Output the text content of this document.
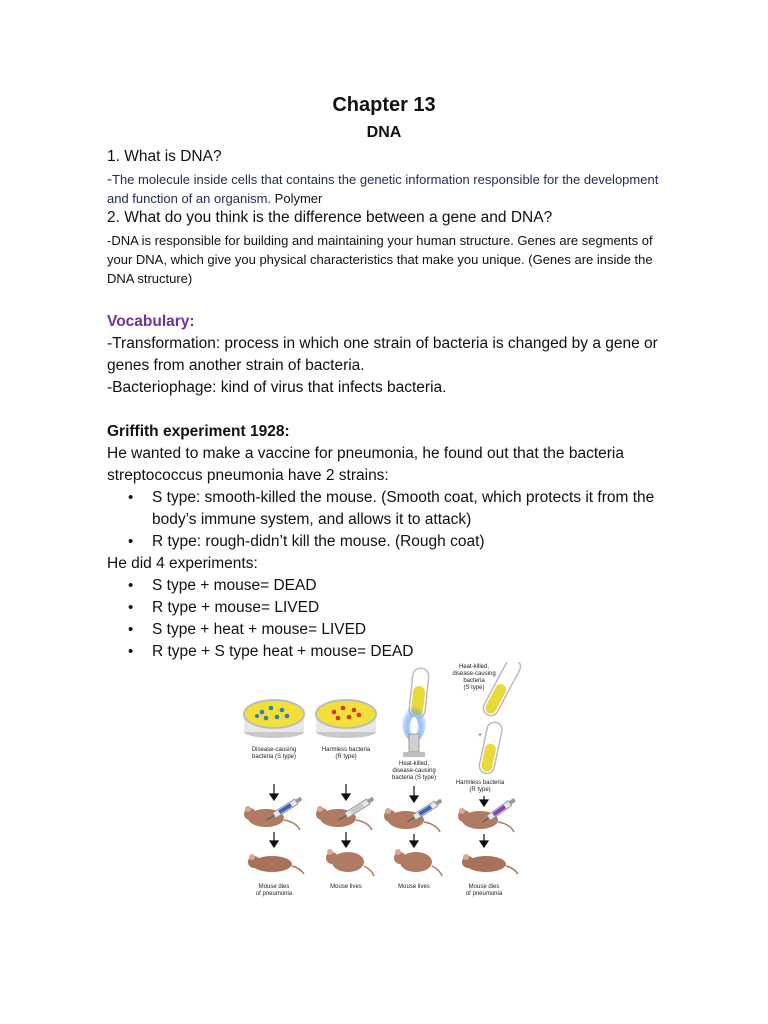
Chapter 13
DNA
1. What is DNA?
-The molecule inside cells that contains the genetic information responsible for the development and function of an organism. Polymer
2. What do you think is the difference between a gene and DNA?
-DNA is responsible for building and maintaining your human structure. Genes are segments of your DNA, which give you physical characteristics that make you unique. (Genes are inside the DNA structure)
Vocabulary:
-Transformation: process in which one strain of bacteria is changed by a gene or genes from another strain of bacteria.
-Bacteriophage: kind of virus that infects bacteria.
Griffith experiment 1928:
He wanted to make a vaccine for pneumonia, he found out that the bacteria streptococcus pneumonia have 2 strains:
• S type: smooth-killed the mouse. (Smooth coat, which protects it from the body’s immune system, and allows it to attack)
• R type: rough-didn’t kill the mouse. (Rough coat)
He did 4 experiments:
• S type + mouse= DEAD
• R type + mouse= LIVED
• S type + heat + mouse= LIVED
• R type + S type heat + mouse= DEAD
Disease-causing bacteria (S type)
Harmless bacteria (R type)
Heat-killed, disease-causing bacteria (S type)
Heat-killed, disease-causing bacteria (S type)
+
Harmless bacteria (R type)
Mouse dies of pneumonia
Mouse lives	Mouse lives	Mouse dies of pneumonia
